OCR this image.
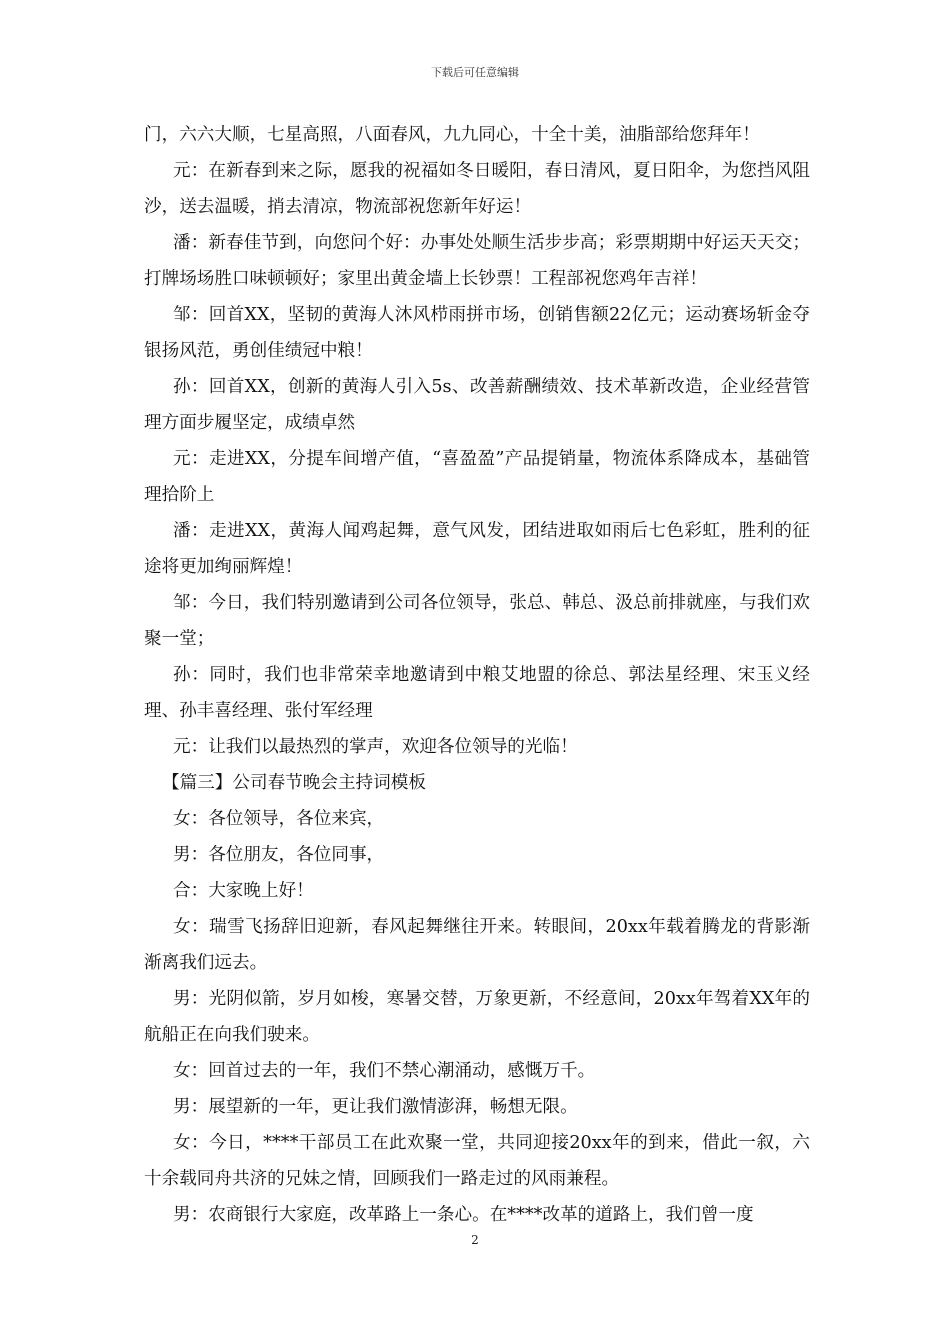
下载后可任意编辑

门，六六大顺，七星高照，八面春风，九九同心，十全十美，油脂部给您拜年！

元：在新春到来之际，愿我的祝福如冬日暖阳，春日清风，夏日阳伞，为您挡风阻沙，送去温暖，捎去清凉，物流部祝您新年好运！

潘：新春佳节到，向您问个好：办事处处顺生活步步高；彩票期期中好运天天交；打牌场场胜口味顿顿好；家里出黄金墙上长钞票！工程部祝您鸡年吉祥！

邹：回首XX，坚韧的黄海人沐风栉雨拼市场，创销售额22亿元；运动赛场斩金夺银扬风范，勇创佳绩冠中粮！

孙：回首XX，创新的黄海人引入5s、改善薪酬绩效、技术革新改造，企业经营管理方面步履坚定，成绩卓然

元：走进XX，分提车间增产值，“喜盈盈”产品提销量，物流体系降成本，基础管理拾阶上

潘：走进XX，黄海人闻鸡起舞，意气风发，团结进取如雨后七色彩虹，胜利的征途将更加绚丽辉煌！

邹：今日，我们特别邀请到公司各位领导，张总、韩总、汲总前排就座，与我们欢聚一堂；

孙：同时，我们也非常荣幸地邀请到中粮艾地盟的徐总、郭法星经理、宋玉义经理、孙丰喜经理、张付军经理

元：让我们以最热烈的掌声，欢迎各位领导的光临！

【篇三】公司春节晚会主持词模板

女：各位领导，各位来宾，

男：各位朋友，各位同事，

合：大家晚上好！

女：瑞雪飞扬辞旧迎新，春风起舞继往开来。转眼间，20xx年载着腾龙的背影渐渐离我们远去。

男：光阴似箭，岁月如梭，寒暑交替，万象更新，不经意间，20xx年驾着XX年的航船正在向我们驶来。

女：回首过去的一年，我们不禁心潮涌动，感慨万千。

男：展望新的一年，更让我们激情澎湃，畅想无限。

女：今日，****干部员工在此欢聚一堂，共同迎接20xx年的到来，借此一叙，六十余载同舟共济的兄妹之情，回顾我们一路走过的风雨兼程。

男：农商银行大家庭，改革路上一条心。在****改革的道路上，我们曾一度

2
